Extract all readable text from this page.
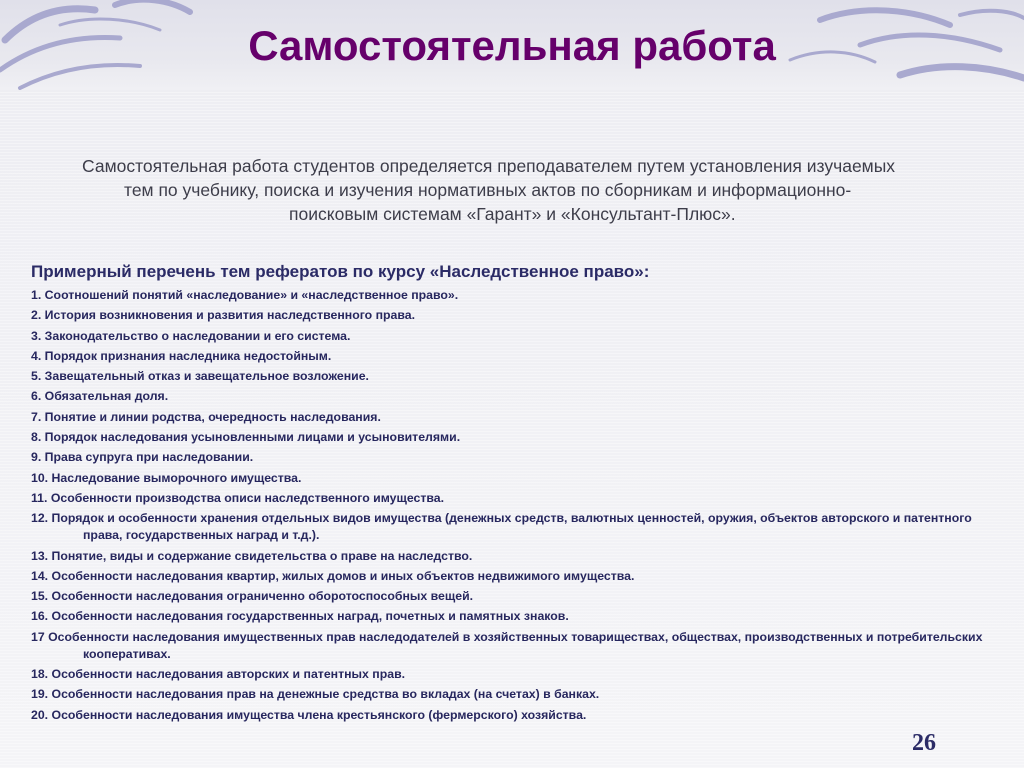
Самостоятельная работа

Самостоятельная работа студентов определяется преподавателем путем установления изучаемых
тем по учебнику, поиска и изучения нормативных актов по сборникам и информационно-
поисковым системам «Гарант» и «Консультант-Плюс».

Примерный перечень тем рефератов по курсу «Наследственное право»:
1. Соотношений понятий «наследование» и «наследственное право».
2. История возникновения и развития наследственного права.
3. Законодательство о наследовании и его система.
4. Порядок признания наследника недостойным.
5. Завещательный отказ и завещательное возложение.
6. Обязательная доля.
7. Понятие и линии родства, очередность наследования.
8. Порядок наследования усыновленными лицами и усыновителями.
9. Права супруга при наследовании.
10. Наследование выморочного имущества.
11. Особенности производства описи наследственного имущества.
12. Порядок и особенности хранения отдельных видов имущества (денежных средств, валютных ценностей, оружия, объектов авторского и патентного права, государственных наград и т.д.).
13. Понятие, виды и содержание свидетельства о праве на наследство.
14. Особенности наследования квартир, жилых домов и иных объектов недвижимого имущества.
15. Особенности наследования ограниченно оборотоспособных вещей.
16. Особенности наследования государственных наград, почетных и памятных знаков.
17 Особенности наследования имущественных прав наследодателей в хозяйственных товариществах, обществах, производственных и потребительских кооперативах.
18. Особенности наследования авторских и патентных прав.
19. Особенности наследования прав на денежные средства во вкладах (на счетах) в банках.
20. Особенности наследования имущества члена крестьянского (фермерского) хозяйства.
26
